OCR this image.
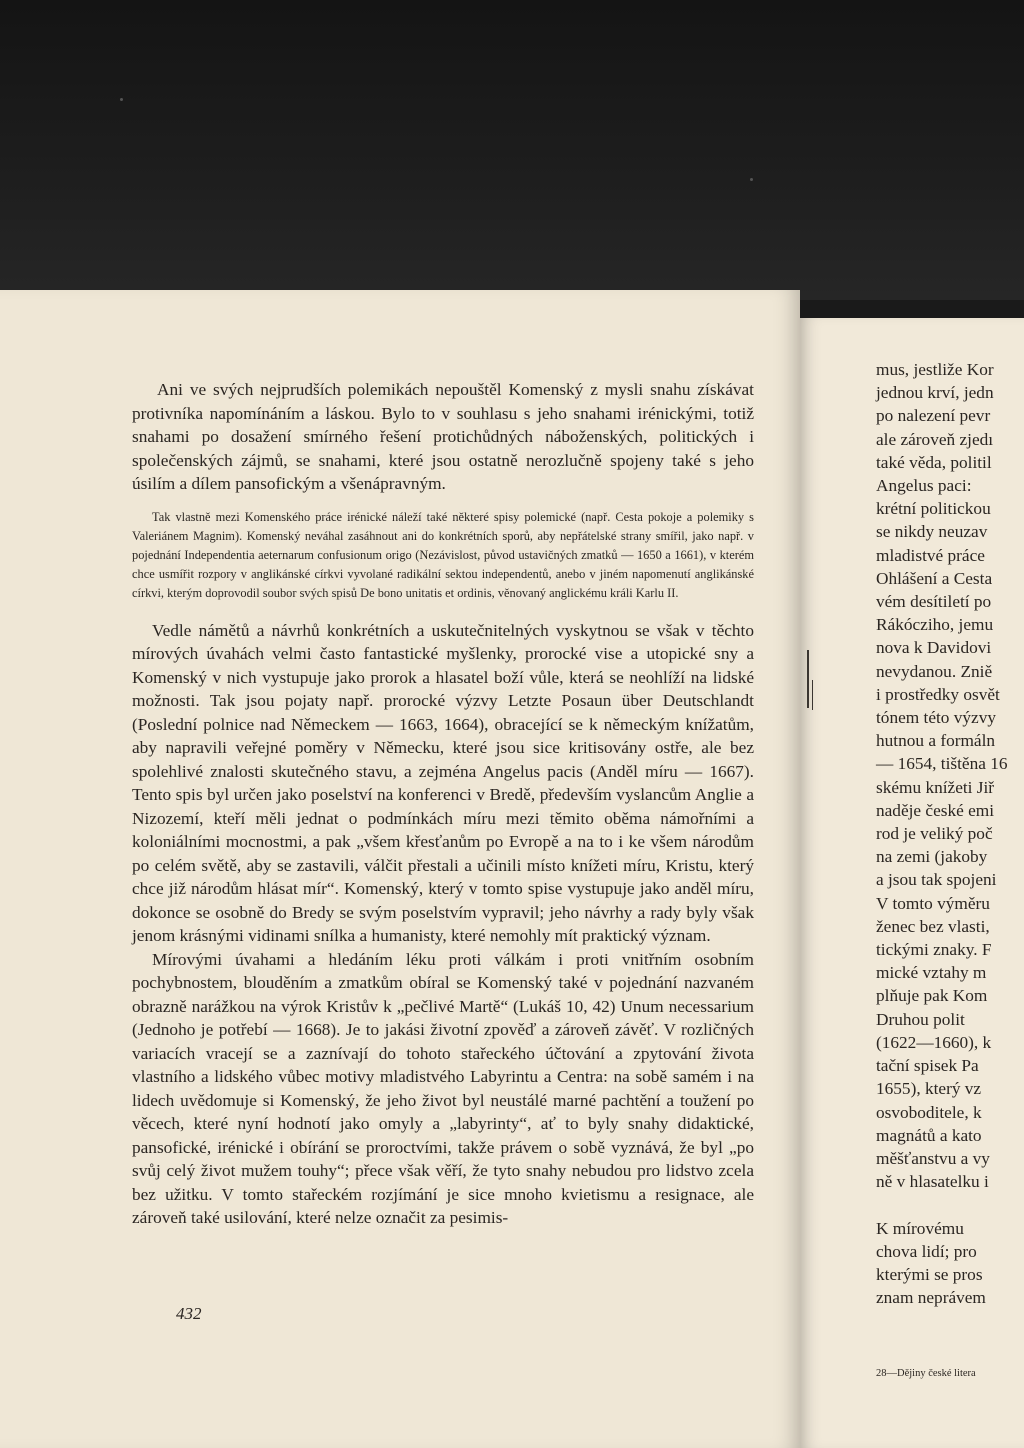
Ani ve svých nejprudších polemikách nepouštěl Komenský z mysli snahu získávat protivníka napomínáním a láskou. Bylo to v souhlasu s jeho snahami irénickými, totiž snahami po dosažení smírného řešení protichůdných náboženských, politických i společenských zájmů, se snahami, které jsou ostatně nerozlučně spojeny také s jeho úsilím a dílem pansofickým a všenápravným.

Tak vlastně mezi Komenského práce irénické náleží také některé spisy polemické (např. Cesta pokoje a polemiky s Valeriánem Magnim). Komenský neváhal zasáhnout ani do konkrétních sporů, aby nepřátelské strany smířil, jako např. v pojednání Independentia aeternarum confusionum origo (Nezávislost, původ ustavičných zmatků — 1650 a 1661), v kterém chce usmířit rozpory v anglikánské církvi vyvolané radikální sektou independentů, anebo v jiném napomenutí anglikánské církvi, kterým doprovodil soubor svých spisů De bono unitatis et ordinis, věnovaný anglickému králi Karlu II.

Vedle námětů a návrhů konkrétních a uskutečnitelných vyskytnou se však v těchto mírových úvahách velmi často fantastické myšlenky, prorocké vise a utopické sny a Komenský v nich vystupuje jako prorok a hlasatel boží vůle, která se neohlíží na lidské možnosti. Tak jsou pojaty např. prorocké výzvy Letzte Posaun über Deutschlandt (Poslední polnice nad Německem — 1663, 1664), obracející se k německým knížatům, aby napravili veřejné poměry v Německu, které jsou sice kritisovány ostře, ale bez spolehlivé znalosti skutečného stavu, a zejména Angelus pacis (Anděl míru — 1667). Tento spis byl určen jako poselství na konferenci v Bredě, především vyslancům Anglie a Nizozemí, kteří měli jednat o podmínkách míru mezi těmito oběma námořními a koloniálními mocnostmi, a pak „všem křesťanům po Evropě a na to i ke všem národům po celém světě, aby se zastavili, válčit přestali a učinili místo knížeti míru, Kristu, který chce již národům hlásat mír“. Komenský, který v tomto spise vystupuje jako anděl míru, dokonce se osobně do Bredy se svým poselstvím vypravil; jeho návrhy a rady byly však jenom krásnými vidinami snílka a humanisty, které nemohly mít praktický význam.

Mírovými úvahami a hledáním léku proti válkám i proti vnitřním osobním pochybnostem, blouděním a zmatkům obíral se Komenský také v pojednání nazvaném obrazně narážkou na výrok Kristův k „pečlivé Martě“ (Lukáš 10, 42) Unum necessarium (Jednoho je potřebí — 1668). Je to jakási životní zpověď a zároveň závěť. V rozličných variacích vracejí se a zaznívají do tohoto stařeckého účtování a zpytování života vlastního a lidského vůbec motivy mladistvého Labyrintu a Centra: na sobě samém i na lidech uvědomuje si Komenský, že jeho život byl neustálé marné pachtění a toužení po věcech, které nyní hodnotí jako omyly a „labyrinty“, ať to byly snahy didaktické, pansofické, irénické i obírání se proroctvími, takže právem o sobě vyznává, že byl „po svůj celý život mužem touhy“; přece však věří, že tyto snahy nebudou pro lidstvo zcela bez užitku. V tomto stařeckém rozjímání je sice mnoho kvietismu a resignace, ale zároveň také usilování, které nelze označit za pesimis-

432
mus, jestliže Kor
jednou krví, jedn
po nalezení pevr
ale zároveň zjedı
také věda, politil
Angelus paci:
krétní politickou
se nikdy neuzav
mladistvé práce
Ohlášení a Cesta
vém desítiletí po
Rákócziho, jemu
nova k Davidovi
nevydanou. Zniě
i prostředky osvět
tónem této výzvy
hutnou a formáln
— 1654, tištěna 16
skému knížeti Jiř
naděje české emi
rod je veliký poč
na zemi (jakoby
a jsou tak spojeni
V tomto výměru
ženec bez vlasti,
tickými znaky. F
mické vztahy m
plňuje pak Kom
Druhou polit
(1622—1660), k
tační spisek Pa
1655), který vz
osvoboditele, k
magnátů a kato
měšťanstvu a vy
ně v hlasatelku i

K mírovému
chova lidí; pro
kterými se pros
znam neprávem
28—Dějiny české litera
